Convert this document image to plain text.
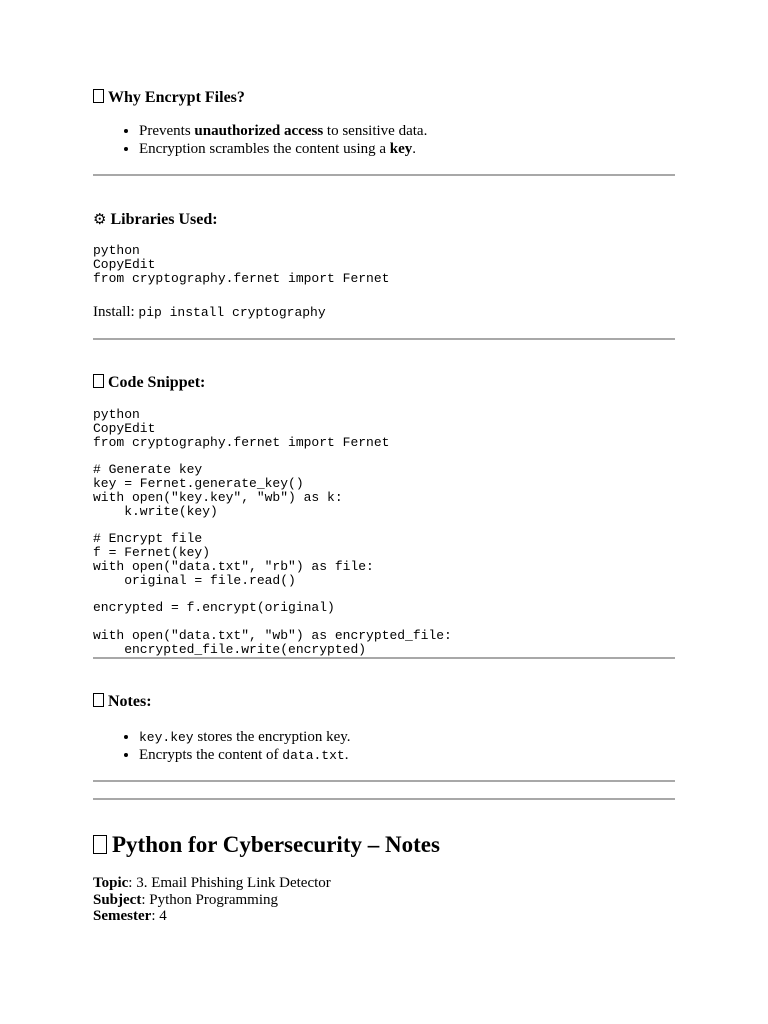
Why Encrypt Files?
• Prevents unauthorized access to sensitive data.
• Encryption scrambles the content using a key.
⚙ Libraries Used:
python
CopyEdit
from cryptography.fernet import Fernet
Install: pip install cryptography
Code Snippet:
python
CopyEdit
from cryptography.fernet import Fernet

# Generate key
key = Fernet.generate_key()
with open("key.key", "wb") as k:
k.write(key)

# Encrypt file
f = Fernet(key)
with open("data.txt", "rb") as file:
original = file.read()

encrypted = f.encrypt(original)

with open("data.txt", "wb") as encrypted_file:
encrypted_file.write(encrypted)
Notes:
• key.key stores the encryption key.
• Encrypts the content of data.txt.
Python for Cybersecurity – Notes
Topic: 3. Email Phishing Link Detector
Subject: Python Programming
Semester: 4
